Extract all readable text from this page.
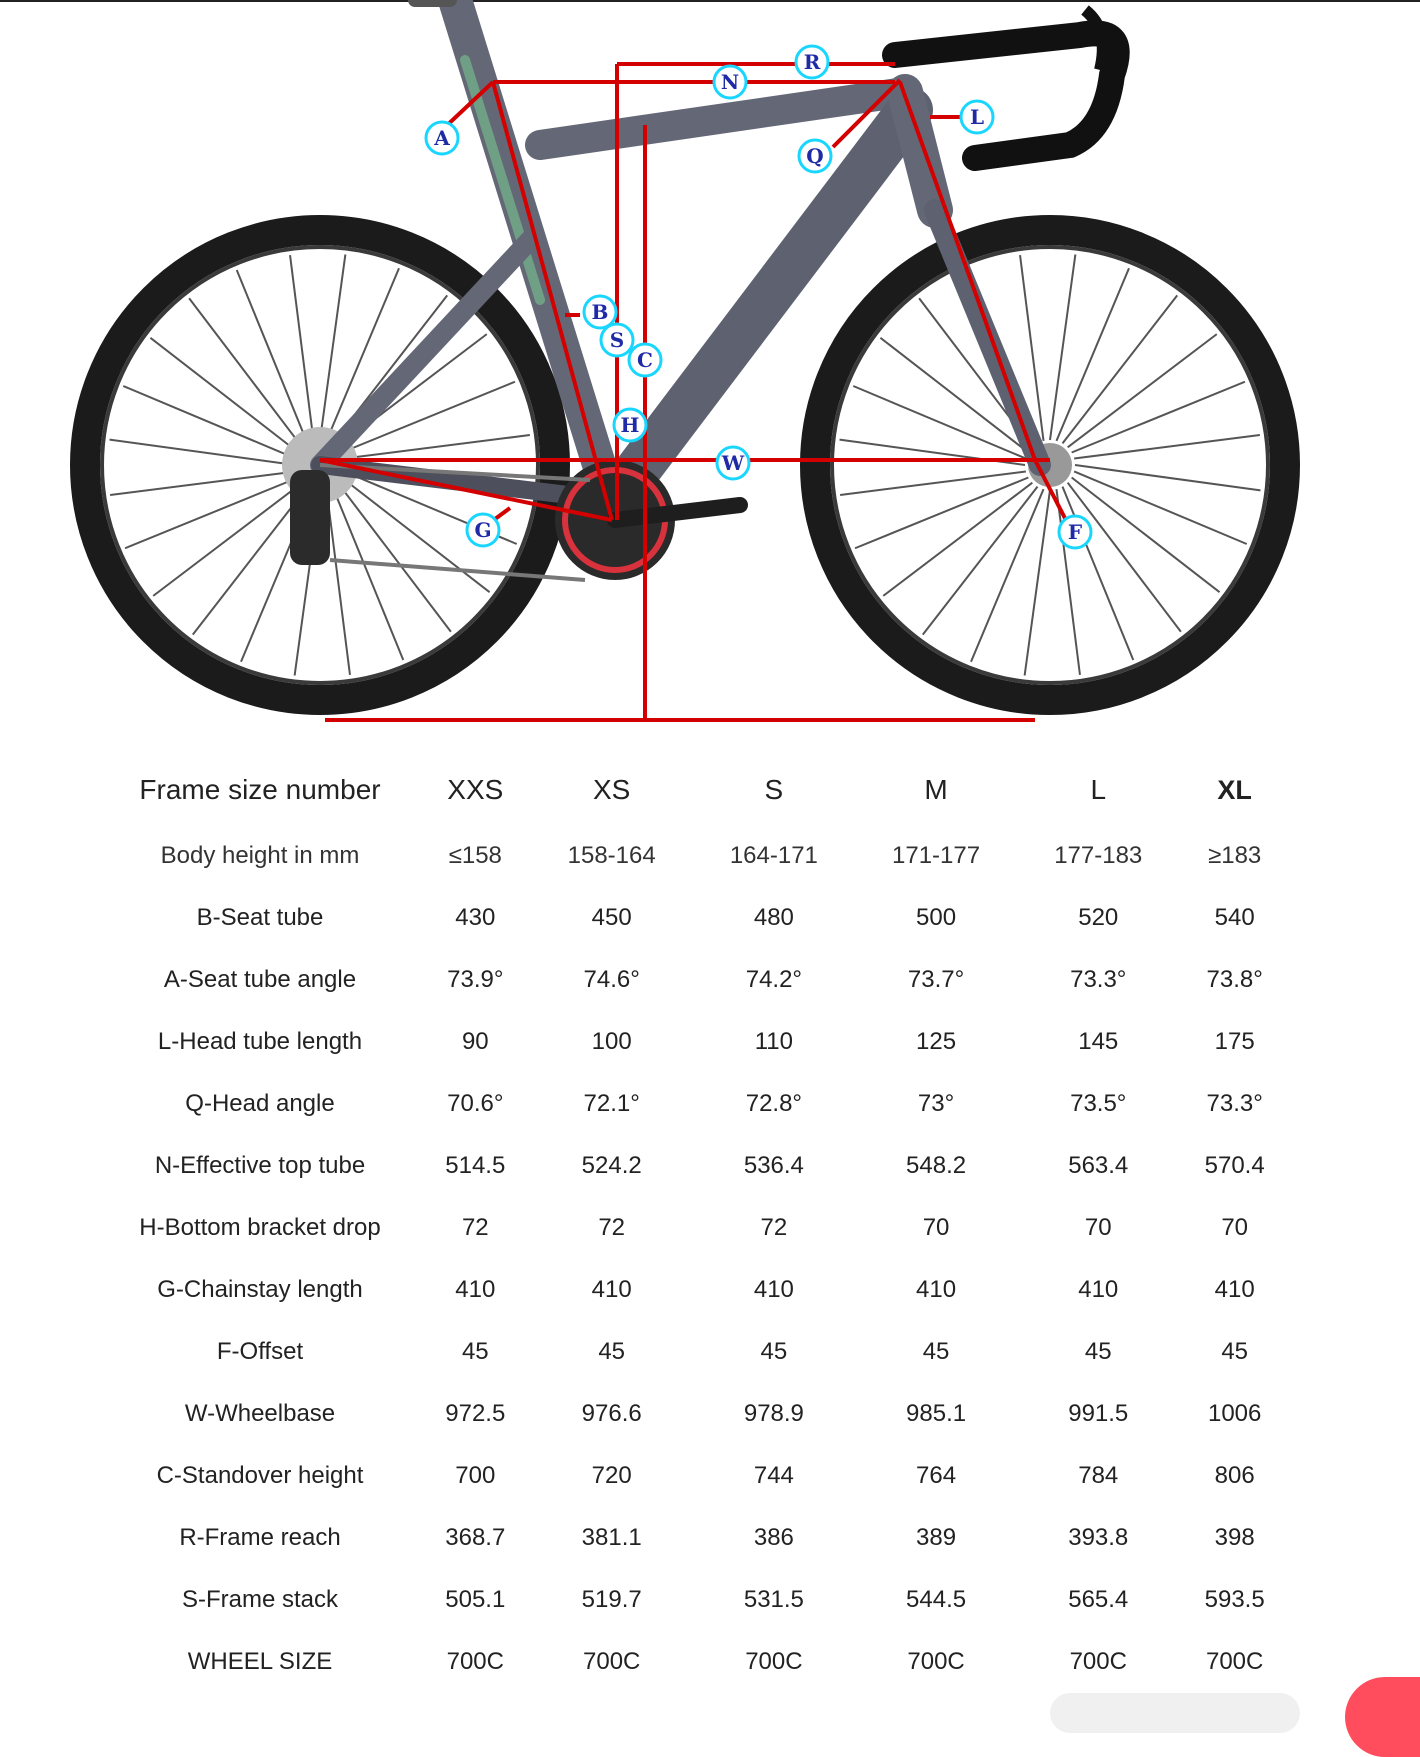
A
B
S
C
H
G
W
F
N
R
Q
L
Frame size number	XXS	XS	S	M	L	XL
Body height in mm	≤158	158-164	164-171	171-177	177-183	≥183
B-Seat tube	430	450	480	500	520	540
A-Seat tube angle	73.9°	74.6°	74.2°	73.7°	73.3°	73.8°
L-Head tube length	90	100	110	125	145	175
Q-Head angle	70.6°	72.1°	72.8°	73°	73.5°	73.3°
N-Effective top tube	514.5	524.2	536.4	548.2	563.4	570.4
H-Bottom bracket drop	72	72	72	70	70	70
G-Chainstay length	410	410	410	410	410	410
F-Offset	45	45	45	45	45	45
W-Wheelbase	972.5	976.6	978.9	985.1	991.5	1006
C-Standover height	700	720	744	764	784	806
R-Frame reach	368.7	381.1	386	389	393.8	398
S-Frame stack	505.1	519.7	531.5	544.5	565.4	593.5
WHEEL SIZE	700C	700C	700C	700C	700C	700C
